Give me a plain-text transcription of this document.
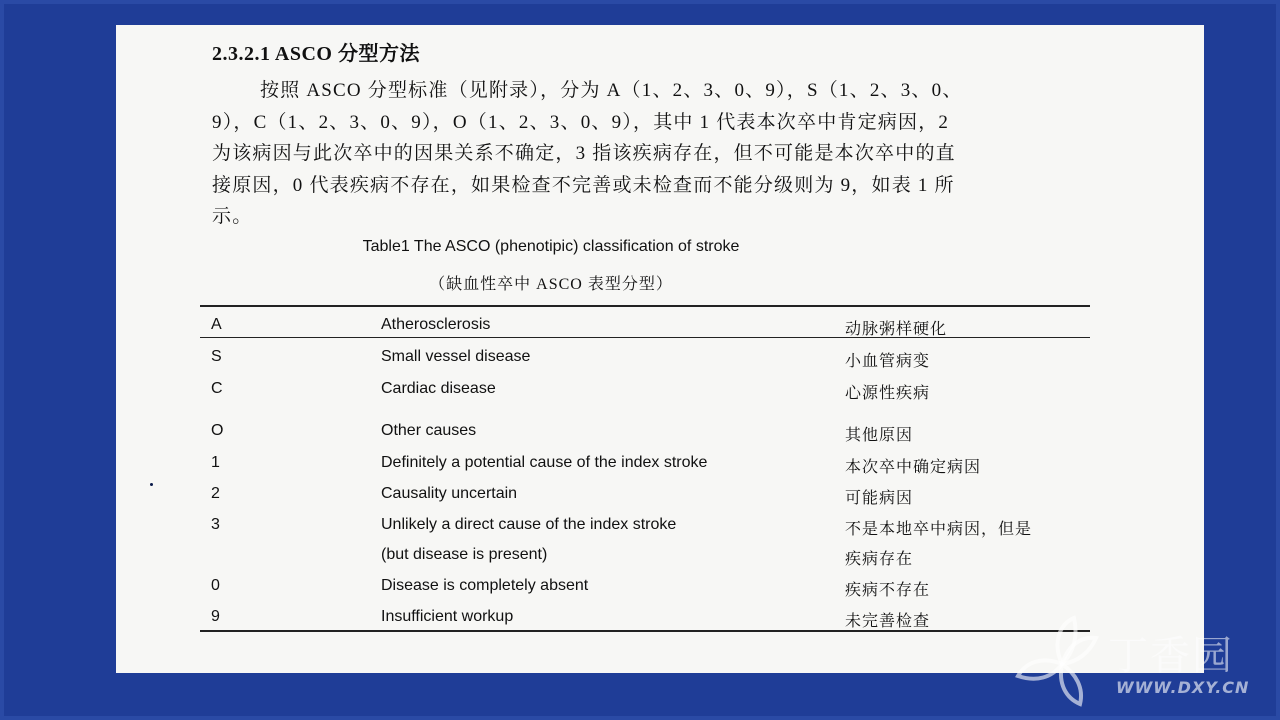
2.3.2.1 ASCO 分型方法

按照 ASCO 分型标准（见附录），分为 A（1、2、3、0、9），S（1、2、3、0、9），C（1、2、3、0、9），O（1、2、3、0、9），其中 1 代表本次卒中肯定病因，2 为该病因与此次卒中的因果关系不确定，3 指该疾病存在，但不可能是本次卒中的直接原因，0 代表疾病不存在，如果检查不完善或未检查而不能分级则为 9，如表 1 所示。

Table1 The ASCO (phenotipic) classification of stroke
（缺血性卒中 ASCO 表型分型）
A	Atherosclerosis	动脉粥样硬化
S	Small vessel disease	小血管病变
C	Cardiac disease	心源性疾病
O	Other causes	其他原因
1	Definitely a potential cause of the index stroke	本次卒中确定病因
2	Causality uncertain	可能病因
3	Unlikely a direct cause of the index stroke	不是本地卒中病因，但是
(but disease is present)	疾病存在
0	Disease is completely absent	疾病不存在
9	Insufficient workup	未完善检查
丁香园
WWW.DXY.CN
